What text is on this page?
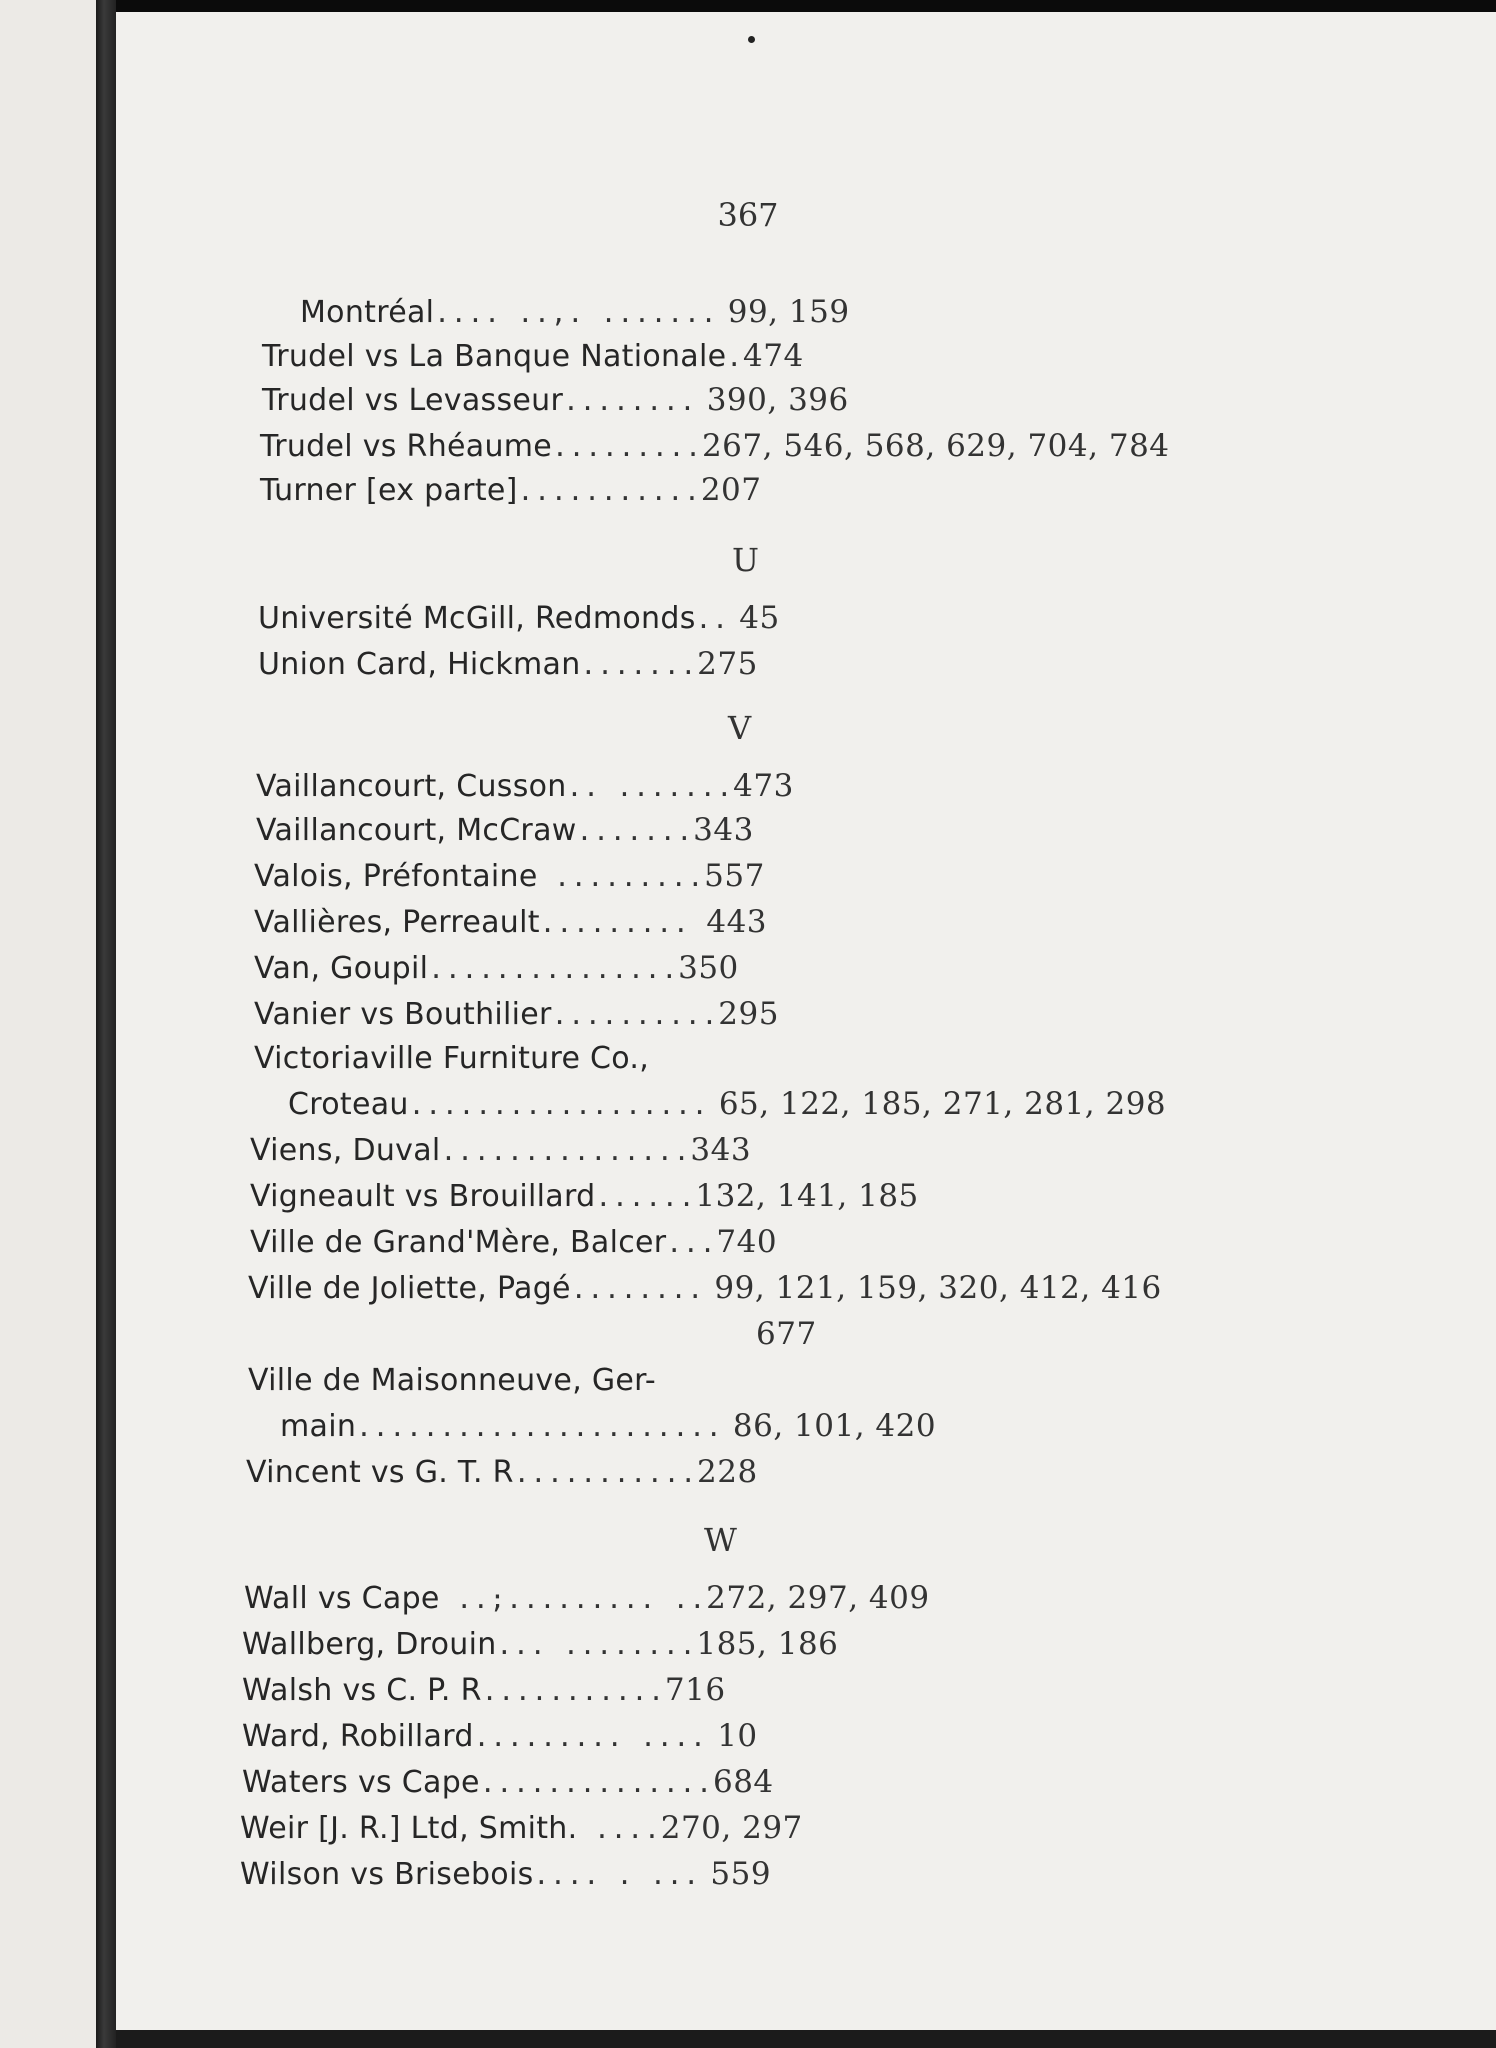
367
Montréal.... ..,. ....... 99, 159
Trudel vs La Banque Nationale.474
Trudel vs Levasseur........ 390, 396
Trudel vs Rhéaume.........267, 546, 568, 629, 704, 784
Turner [ex parte]...........207
U
Université McGill, Redmonds.. 45
Union Card, Hickman.......275
V
Vaillancourt, Cusson.. .......473
Vaillancourt, McCraw.......343
Valois, Préfontaine .........557
Vallières, Perreault......... 443
Van, Goupil...............350
Vanier vs Bouthilier..........295
Victoriaville Furniture Co.,
Croteau.................. 65, 122, 185, 271, 281, 298
Viens, Duval...............343
Vigneault vs Brouillard......132, 141, 185
Ville de Grand'Mère, Balcer...740
Ville de Joliette, Pagé........ 99, 121, 159, 320, 412, 416
677
Ville de Maisonneuve, Ger-
main...................... 86, 101, 420
Vincent vs G. T. R...........228
W
Wall vs Cape ..;......... ..272, 297, 409
Wallberg, Drouin... ........185, 186
Walsh vs C. P. R...........716
Ward, Robillard......... .... 10
Waters vs Cape..............684
Weir [J. R.] Ltd, Smith. ....270, 297
Wilson vs Brisebois.... . ... 559
